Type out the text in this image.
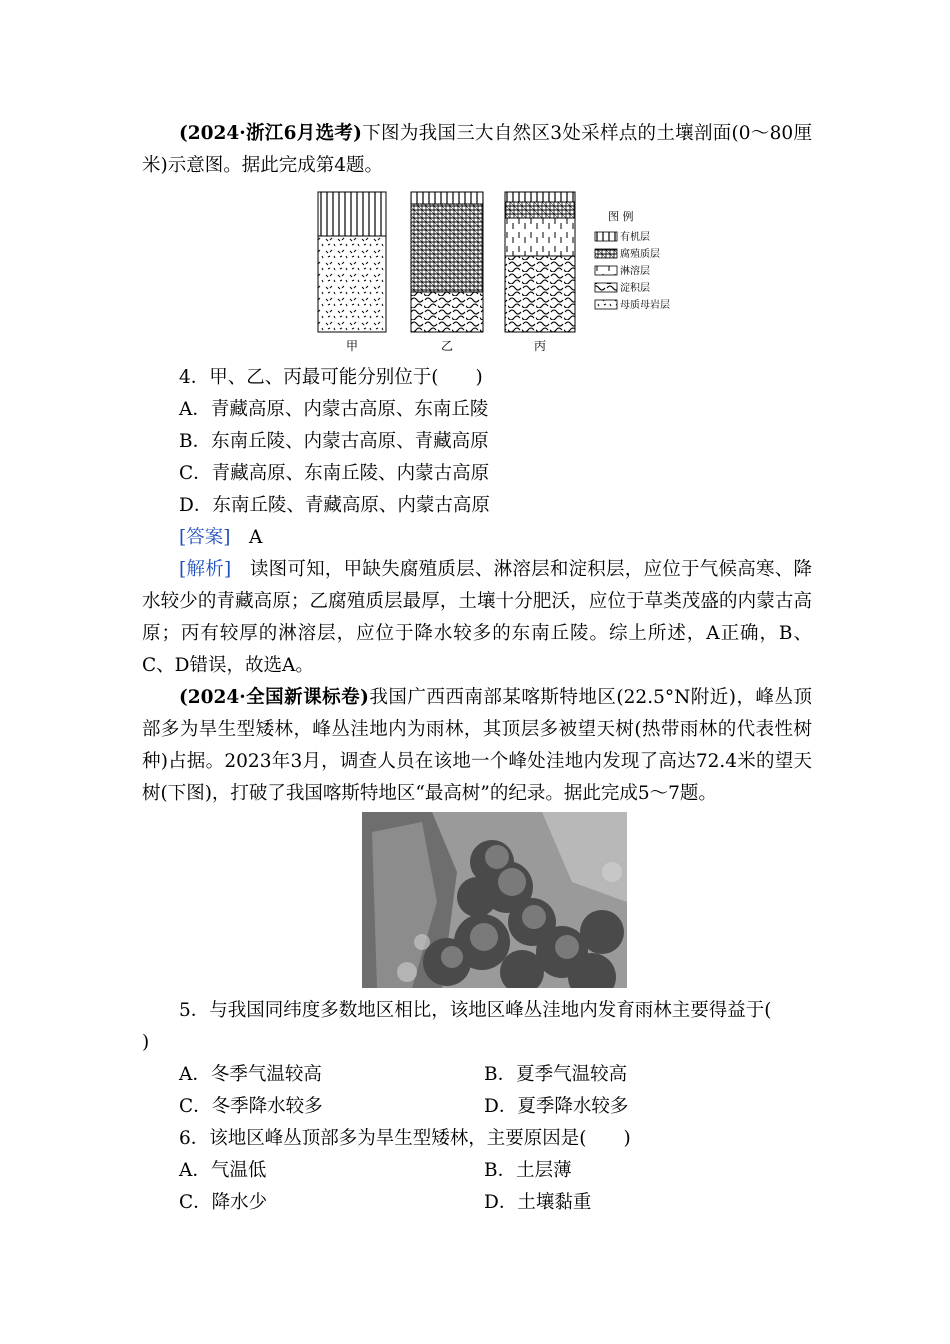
(2024·浙江6月选考)下图为我国三大自然区3处采样点的土壤剖面(0～80厘米)示意图。据此完成第4题。
甲	乙	丙
图 例
有机层
腐殖质层
淋溶层
淀积层
母质母岩层
4．甲、乙、丙最可能分别位于(　　)
A．青藏高原、内蒙古高原、东南丘陵
B．东南丘陵、内蒙古高原、青藏高原
C．青藏高原、东南丘陵、内蒙古高原
D．东南丘陵、青藏高原、内蒙古高原
[答案]  A
[解析]  读图可知，甲缺失腐殖质层、淋溶层和淀积层，应位于气候高寒、降水较少的青藏高原；乙腐殖质层最厚，土壤十分肥沃，应位于草类茂盛的内蒙古高原；丙有较厚的淋溶层，应位于降水较多的东南丘陵。综上所述，A正确，B、C、D错误，故选A。
(2024·全国新课标卷)我国广西西南部某喀斯特地区(22.5°N附近)，峰丛顶部多为旱生型矮林，峰丛洼地内为雨林，其顶层多被望天树(热带雨林的代表性树种)占据。2023年3月，调查人员在该地一个峰处洼地内发现了高达72.4米的望天树(下图)，打破了我国喀斯特地区“最高树”的纪录。据此完成5～7题。
5．与我国同纬度多数地区相比，该地区峰丛洼地内发育雨林主要得益于(
)
A．冬季气温较高	B．夏季气温较高
C．冬季降水较多	D．夏季降水较多
6．该地区峰丛顶部多为旱生型矮林，主要原因是(　　)
A．气温低	B．土层薄
C．降水少	D．土壤黏重
